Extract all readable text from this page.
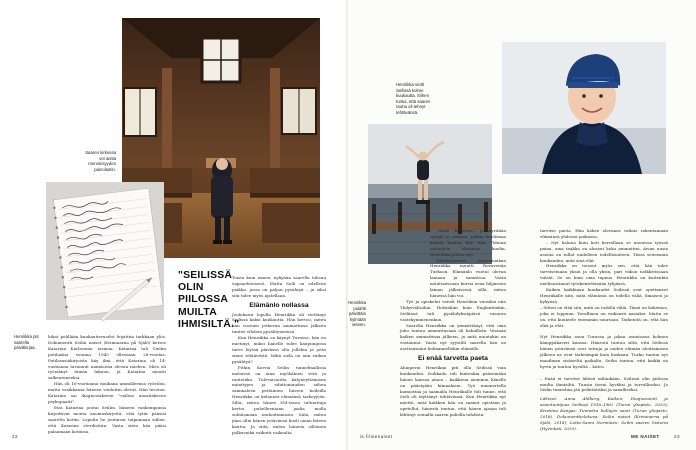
Saaren kirkossa voi aistia menneisyyden painolastin.
Henriikka piti saarella päiväkirjaa.
"SEILISSÄ OLIN PIILOSSA MUILTA IHMISILTÄ."

hikat pelillään kuukautisvuodot leijattiin tarkkaan ylös. Dokumentti Seilin naiset (Kriminarna på Själö) kertoo Katarina Karlssonin tarinan. Katarina tuli Seiliin potilaaksi vuonna 1940 ollessaan 26-vuotias. Potilasasiakirjoista käy ilmi, että Katarina oli 14-vuotiaana tavannut naimisissa olevan miehen. Mies oli ryöstänyt tämän lukuun, ja Katarina muutti salkeutuneeksi.

Hän oli 16-vuotiaana muikana ammilleensa ryöstöni, mutta vasikkansa häneen voidottin olevat. Hän levoton. Katarina sai diagnoosikseen "vailion ansaitakseen psykopaatti".

Essi Katarina joutui Seiliin, häneen vankempansa kirjoittivat monta anomuskirjettä, että tytär pääsisi saarelta kotiin. Lopulta he joutuivat taipumaan siihen, että Katarina sterilisttiin. Vasta siten hän pääsi palaamaan kotiinsa.

Toisin kuin ennen, nykyään saarella tulisuu vapaaehtoisesti. Mutta Seili on edelleen paikka, jossa on paljon pysähtyä – ja siksi sitä tulee myös ajatellaan.

Elämänlo nollassa

Joulukuun lopulla Henriikka oli viettänyt Seilissä kaksi kuukautta. Hän kertoo, miten hän vuosien jatkuvan ammattinsa jälkeen tuntee vihdoin pysähtyneensä.

Kun Henriikka on käynyt Turussa, hän on mietinyt, miksi hänelle tulee kaupungissa tarve löytää päivässä olla jollekin ja jotta sinne tehtävästä. Mikä sielä on niin vaikea pysähtyä?

Pitkin Korvia Seilin tunnelmallissa metsissä on aina myöhäinen vetä ja rantoinko. Tulevaisuutta kätyneyttämisen miinttyjen ja eduttomuuden siihen sammaleen pettämien hiirren kodeilla Henriikka on kelannut elämänsä tarkeyjöön. Siltä, miten hänen SM-tason taltuuttaja kertoi puhelleentaan jaalia molla suhtäsmaan rauhoittamisen. Siitä, miten pian ollin hänen ystävänsä kuoli oman kiteen kautta. Ja siitä, miten häneen silloinen polkuvaikä vaikutti vaikealta.

22
Henriikka viettí Seilissä kolme kuukautta. Siihen tuntui, että saaren rauha oli tehnyt tehtävänsä.
Henriikka pulahti päivittäin kylmään veteen.

– Siinä kaikessa, poikayritään syttyjä ja pahaan, jollain huolemaa itsestä kaiken hän itää. "Minun mustaloin elennaan kuolin, Henriikka pohtii myt.

Yölmistuttavan nostosmaikan Henriikka muutti Rovaveniin Turkoon. Elämänlo vuotui olevan lamaan ja saantissa. Vasta muuttaessaan kurssi avaa hiljaiseen laman jälkeisessä sillä, miten hänessä hän voi.

Työ ja opiskelut veivät Henriikan vuosiksi niin Yhdysvaltoihin. Helsinkiin kuin Englantiinkin. Seiliinsä tuli pysähdyksiäpäivä vasaren vastekymmenenkun.

Saarella Henriikka on ymmärtänyt, että oma juho tuntuu ammuttavaan oli hahallista. Vastaan kaiken ammattinsa jälkeen, ja mitä muutakin on vastannut. Vasta nyt syystilli saarella hän on asettautunut kolmannellekin elämälle.

Ei enää tarvetta paeta

Alunperin Henriikan piti olla Seilissä vain kuukauden. Seikkailu tuli kuitenkin pääsemään hänen kanssa ainoa – kaikkena aiemmin hänelle on päästyään kiinnaksiin. Työ mannertella kumoistaa ja saamalla Henriikalle tuli tunne, että Seili oli täyttänyt tehtävänsä. Kun Henriikka nyt miettii, mitä kaikkea hän on saanut opistaan ja opetellut, hänestä tuntuu, että hänen ajasaa tuli lähtinyt seinalla saaren paliolla tahdista.

tarvitse paeta. Hän kokee olevansa valmis rakentamaan elämänsä yhdessä paikassa.

– Nyt haluna kuin koti kerrallaan se monessa työssä paina, oma taakka on alussut koko ammattini. Aivan uusia asioita on tullut uudelleen todellisuuteen. Tässä seitsemän kuukauden, mitä sinä elät.

Henriikka on toiseut myös sen, että hän tulee tarvitsemaan yksin ja olla yksin, pari viikon nolkkivissaan viitsät. Se on kuin oma tapaus. Henriikka on kuitenkin unelmoistunut työskentelemään tyhjässä.

Kaiken kaikkiaan kuukaudet Seilissä ovat opettaneet Henriikalle niin, mitä elämässä on todella väliä, ilmaisen ja kykynsä.

– Sitten on elää sitä, mitä on todella väliä. Tämä on kokemus, joka ei loppuun. Tavallinen on vaikeasti nasiaksi. Mutta se on, että kuuntele enemmän suurtaan. Tärkeintä on, että hän elää ja ehti.

Nyt Henriikka asuu Turussa ja jakaa asuntonsa kolmen kämppäkaveri kanssa. Hänestä tuntuu siltä, että Seilissä hänen ystävänsä ovat tuttuja ja uuden elämän aloittamisen jälkeen ne ovat tärkeämpiä kuin koskaan. Turku tuntuu nyt maailman sisäiseltä paikalta. Seilin tuntua, että kaikki on hyvin ja tuntuu hyvältä – kiitos.

– Enää ei tarvitse lähteä mihinkään. Seilissä olin piilossa muilta ihmisiltä. Tunsin itseni hyväksi ja turvalliseksi. Ja Seilin tunnelma jää pelättäväksi ja sanalliseksi.

Lähteet: Anna Ahlberg, Kaiken: Diagnosointi ja asiantuntijuus Seilissä 1918–1962 (Turun yliopisto, 2020); Kristiina Kangas: Tunnettu hullujen saari (Turun yliopisto, 2018). Dokumenttielokuva: Seilin naiset (Kriminarna på Själö, 2018); Lotta-Sanni Nurminen: Seilin saaren historia (Hyvinkää, 2020).

ME NAISET	23
is.fi/menaiset
